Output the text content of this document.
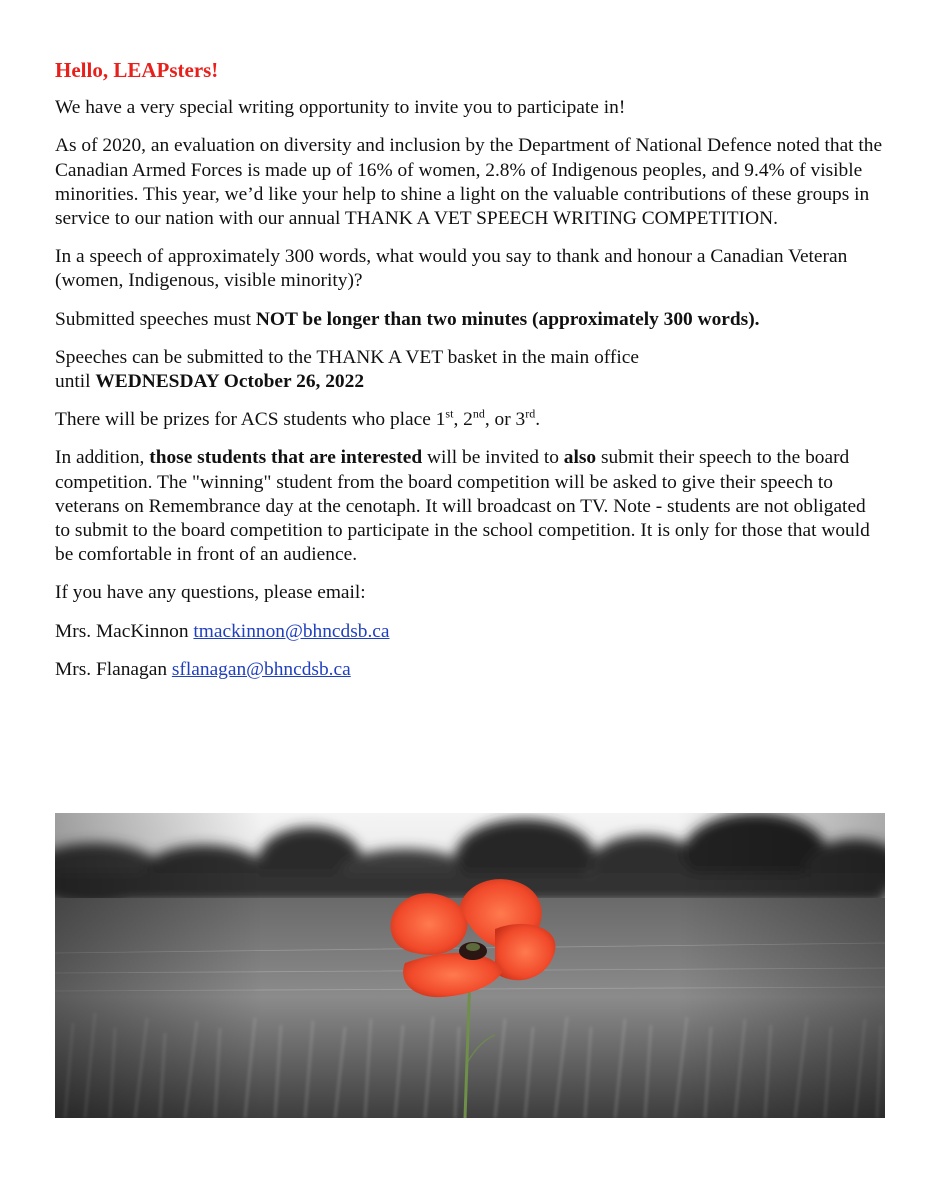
Hello, LEAPsters!

We have a very special writing opportunity to invite you to participate in!

As of 2020, an evaluation on diversity and inclusion by the Department of National Defence noted that the Canadian Armed Forces is made up of 16% of women, 2.8% of Indigenous peoples, and 9.4% of visible minorities. This year, we’d like your help to shine a light on the valuable contributions of these groups in service to our nation with our annual THANK A VET SPEECH WRITING COMPETITION.

In a speech of approximately 300 words, what would you say to thank and honour a Canadian Veteran (women, Indigenous, visible minority)?

Submitted speeches must NOT be longer than two minutes (approximately 300 words).

Speeches can be submitted to the THANK A VET basket in the main office
until WEDNESDAY October 26, 2022

There will be prizes for ACS students who place 1st, 2nd, or 3rd.

In addition, those students that are interested will be invited to also submit their speech to the board competition. The "winning" student from the board competition will be asked to give their speech to veterans on Remembrance day at the cenotaph. It will broadcast on TV. Note - students are not obligated to submit to the board competition to participate in the school competition. It is only for those that would be comfortable in front of an audience.

If you have any questions, please email:

Mrs. MacKinnon tmackinnon@bhncdsb.ca

Mrs. Flanagan sflanagan@bhncdsb.ca
